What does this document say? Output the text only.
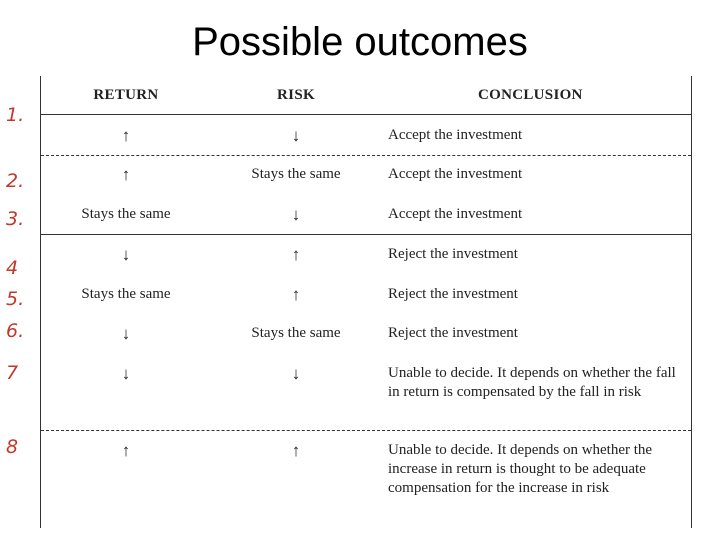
Possible outcomes
1.
2.
3.
4
5.
6.
7
8
RETURN	RISK	CONCLUSION
↑	↓	Accept the investment
↑	Stays the same	Accept the investment
Stays the same	↓	Accept the investment
↓	↑	Reject the investment
Stays the same	↑	Reject the investment
↓	Stays the same	Reject the investment
↓	↓	Unable to decide. It depends on whether the fall in return is compensated by the fall in risk
↑	↑	Unable to decide. It depends on whether the increase in return is thought to be adequate compensation for the increase in risk
